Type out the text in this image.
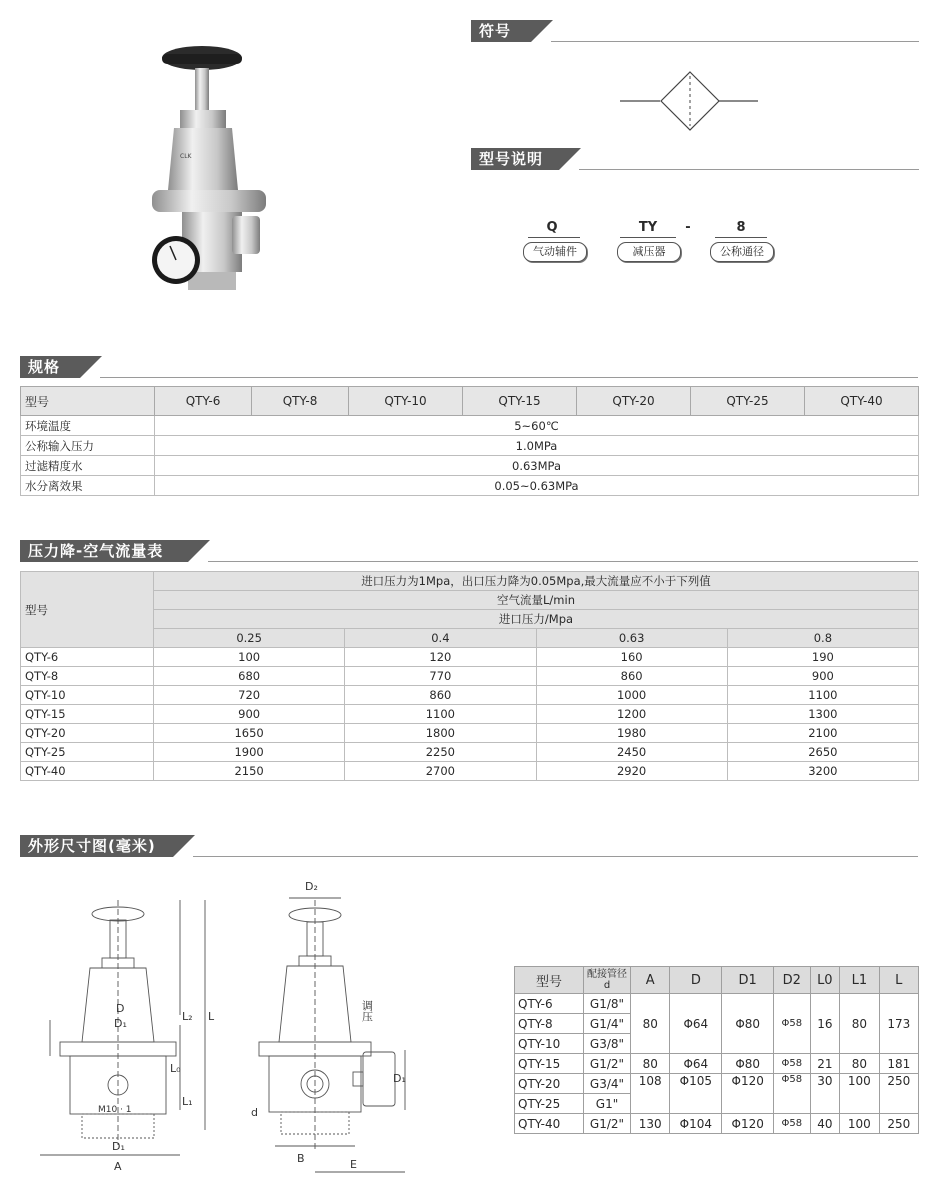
CLK
符号
型号说明
Q
气动辅件
TY
减压器
-	8
公称通径
规格
型号	QTY-6	QTY-8	QTY-10	QTY-15	QTY-20	QTY-25	QTY-40
环境温度	5~60℃						
公称输入压力	1.0MPa						
过滤精度水	0.63MPa						
水分离效果	0.05~0.63MPa						
压力降-空气流量表
型号	进口压力为1Mpa，出口压力降为0.05Mpa,最大流量应不小于下列值			
	空气流量L/min			
	进口压力/Mpa			
	0.25	0.4	0.63	0.8
QTY-6	100	120	160	190
QTY-8	680	770	860	900
QTY-10	720	860	1000	1100
QTY-15	900	1100	1200	1300
QTY-20	1650	1800	1980	2100
QTY-25	1900	2250	2450	2650
QTY-40	2150	2700	2920	3200
外形尺寸图(毫米)
D
D₁
D₁
A
L
L₂
L₁
L₀
M10 · 1
D₂
B	E
d
D₁
调压
型号	配接管径d	A	D	D1	D2	L0	L1	L
QTY-6	G1/8"	80	Φ64	Φ80	Φ58	16	80	173
QTY-8	G1/4"							
QTY-10	G3/8"							
QTY-15	G1/2"	80	Φ64	Φ80	Φ58	21	80	181
QTY-20	G3/4"	108	Φ105	Φ120	Φ58	30	100	250
QTY-25	G1"							
QTY-40	G1/2"	130	Φ104	Φ120	Φ58	40	100	250
